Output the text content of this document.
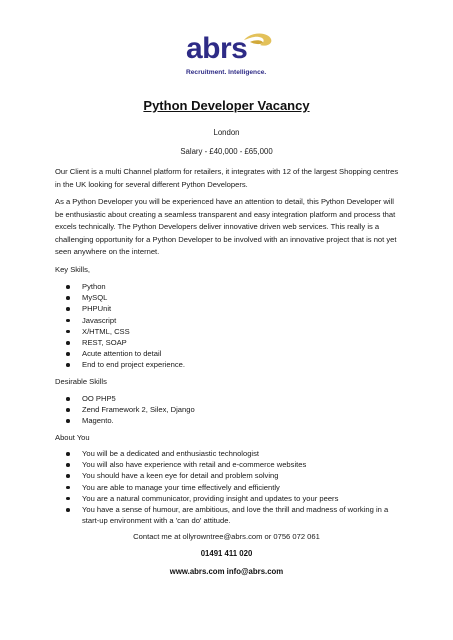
abrs
Recruitment. Intelligence.
Python Developer Vacancy
London
Salary - £40,000 - £65,000

Our Client is a multi Channel platform for retailers, it integrates with 12 of the largest Shopping centres in the UK looking for several different Python Developers.

As a Python Developer you will be experienced have an attention to detail, this Python Developer will be enthusiastic about creating a seamless transparent and easy integration platform and process that excels technically. The Python Developers deliver innovative driven web services. This really is a challenging opportunity for a Python Developer to be involved with an innovative project that is not yet seen anywhere on the internet.

Key Skills,
Python
MySQL
PHPUnit
Javascript
X/HTML, CSS
REST, SOAP
Acute attention to detail
End to end project experience.
Desirable Skills
OO PHP5
Zend Framework 2, Silex, Django
Magento.
About You
You will be a dedicated and enthusiastic technologist
You will also have experience with retail and e-commerce websites
You should have a keen eye for detail and problem solving
You are able to manage your time effectively and efficiently
You are a natural communicator, providing insight and updates to your peers
You have a sense of humour, are ambitious, and love the thrill and madness of working in a start-up environment with a 'can do' attitude.
Contact me at ollyrowntree@abrs.com or 0756 072 061
01491 411 020
www.abrs.com info@abrs.com
